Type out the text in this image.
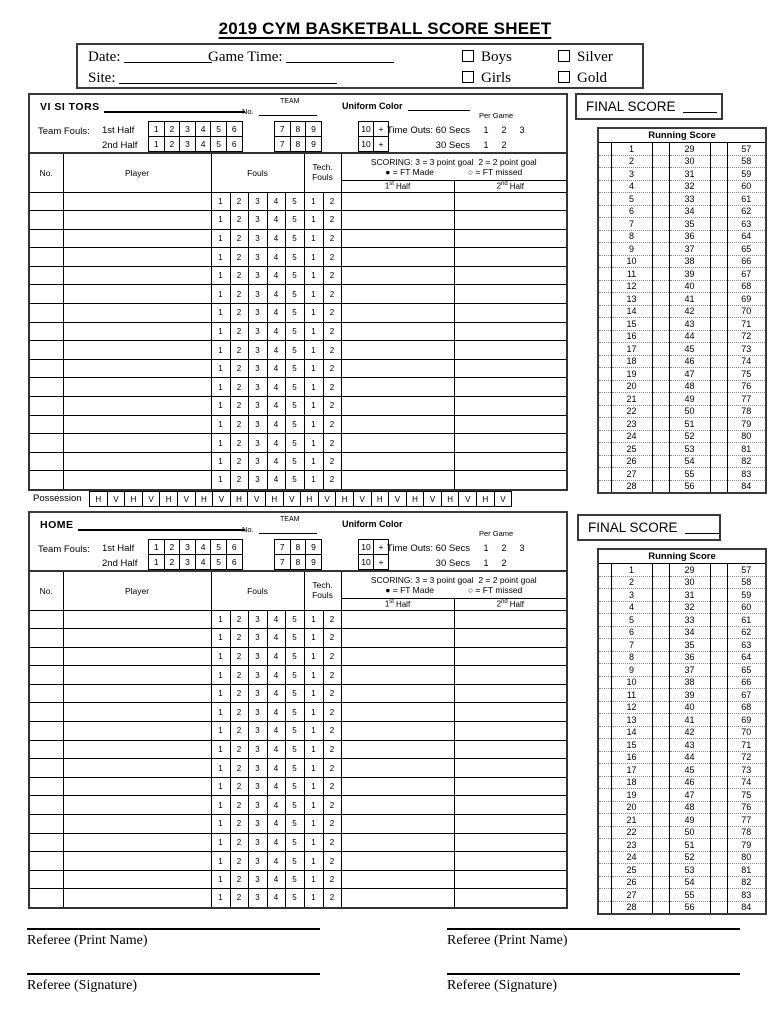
2019 CYM BASKETBALL SCORE SHEET
Date:	Game Time:
Site:
Boys	Silver
Girls	Gold
VI SI TORS	TEAM
No.
Uniform Color
Per Game
Team Fouls: 1st Half
2nd Half
1	2	3	4	5	6	7	8	9	10 +
1	2	3	4	5	6	7	8	9	10 +
Time Outs: 60 Secs
30 Secs
1	2	3
1	2
No.	Player	Fouls	
Tech.
Fouls

SCORING: 3 = 3 point goal  2 = 2 point goal
● = FT Made	○ = FT missed

									1st Half	2nd Half
		1	2	3	4	5	1	2		
		1	2	3	4	5	1	2		
		1	2	3	4	5	1	2		
		1	2	3	4	5	1	2		
		1	2	3	4	5	1	2		
		1	2	3	4	5	1	2		
		1	2	3	4	5	1	2		
		1	2	3	4	5	1	2		
		1	2	3	4	5	1	2		
		1	2	3	4	5	1	2		
		1	2	3	4	5	1	2		
		1	2	3	4	5	1	2		
		1	2	3	4	5	1	2		
		1	2	3	4	5	1	2		
		1	2	3	4	5	1	2		
		1	2	3	4	5	1	2		
Possession	H	V	H	V	H	V	H	V	H	V	H	V	H	V	H	V	H	V	H	V	H	V	H	V
HOME	TEAM
No.
Uniform Color
Per Game
Team Fouls: 1st Half
2nd Half
1	2	3	4	5	6	7	8	9	10 +
1	2	3	4	5	6	7	8	9	10 +
Time Outs: 60 Secs
30 Secs
1	2	3
1	2
No.	Player	Fouls	
Tech.
Fouls

SCORING: 3 = 3 point goal  2 = 2 point goal
● = FT Made	○ = FT missed

									1st Half	2nd Half
		1	2	3	4	5	1	2		
		1	2	3	4	5	1	2		
		1	2	3	4	5	1	2		
		1	2	3	4	5	1	2		
		1	2	3	4	5	1	2		
		1	2	3	4	5	1	2		
		1	2	3	4	5	1	2		
		1	2	3	4	5	1	2		
		1	2	3	4	5	1	2		
		1	2	3	4	5	1	2		
		1	2	3	4	5	1	2		
		1	2	3	4	5	1	2		
		1	2	3	4	5	1	2		
		1	2	3	4	5	1	2		
		1	2	3	4	5	1	2		
		1	2	3	4	5	1	2		
FINAL SCORE
Running Score					
	1		29		57
	2		30		58
	3		31		59
	4		32		60
	5		33		61
	6		34		62
	7		35		63
	8		36		64
	9		37		65
	10		38		66
	11		39		67
	12		40		68
	13		41		69
	14		42		70
	15		43		71
	16		44		72
	17		45		73
	18		46		74
	19		47		75
	20		48		76
	21		49		77
	22		50		78
	23		51		79
	24		52		80
	25		53		81
	26		54		82
	27		55		83
	28		56		84
FINAL SCORE
Running Score					
	1		29		57
	2		30		58
	3		31		59
	4		32		60
	5		33		61
	6		34		62
	7		35		63
	8		36		64
	9		37		65
	10		38		66
	11		39		67
	12		40		68
	13		41		69
	14		42		70
	15		43		71
	16		44		72
	17		45		73
	18		46		74
	19		47		75
	20		48		76
	21		49		77
	22		50		78
	23		51		79
	24		52		80
	25		53		81
	26		54		82
	27		55		83
	28		56		84
Referee (Print Name)
Referee (Signature)
Referee (Print Name)
Referee (Signature)
